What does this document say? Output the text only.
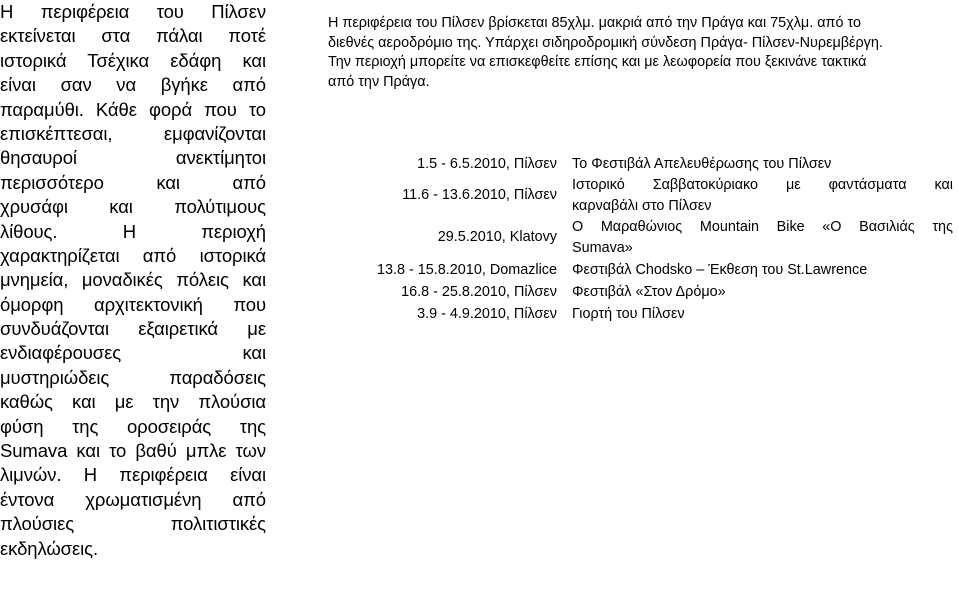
Η περιφέρεια του Πίλσεν
εκτείνεται στα πάλαι ποτέ
ιστορικά Τσέχικα εδάφη και
είναι σαν να βγήκε από
παραμύθι. Κάθε φορά που το
επισκέπτεσαι, εμφανίζονται
θησαυροί ανεκτίμητοι
περισσότερο και από
χρυσάφι και πολύτιμους
λίθους. Η περιοχή
χαρακτηρίζεται από ιστορικά
μνημεία, μοναδικές πόλεις και
όμορφη αρχιτεκτονική που
συνδυάζονται εξαιρετικά με
ενδιαφέρουσες και
μυστηριώδεις παραδόσεις
καθώς και με την πλούσια
φύση της οροσειράς της
Sumava και το βαθύ μπλε των
λιμνών. Η περιφέρεια είναι
έντονα χρωματισμένη από
πλούσιες πολιτιστικές
εκδηλώσεις.
Η περιφέρεια του Πίλσεν βρίσκεται 85χλμ. μακριά από την Πράγα και 75χλμ. από το
διεθνές αεροδρόμιο της. Υπάρχει σιδηροδρομική σύνδεση Πράγα- Πίλσεν-Νυρεμβέργη.
Την περιοχή μπορείτε να επισκεφθείτε επίσης και με λεωφορεία που ξεκινάνε τακτικά
από την Πράγα.
1.5 - 6.5.2010, Πίλσεν Το Φεστιβάλ Απελευθέρωσης του Πίλσεν
11.6 - 13.6.2010, Πίλσεν
Ιστορικό Σαββατοκύριακο με φαντάσματα και
καρναβάλι στο Πίλσεν
29.5.2010, Klatovy
Ο Μαραθώνιος Mountain Bike «Ο Βασιλιάς της
Sumava»
13.8 - 15.8.2010, Domazlice Φεστιβάλ Chodsko – Έκθεση του St.Lawrence
16.8 - 25.8.2010, Πίλσεν Φεστιβάλ «Στον Δρόμο»
3.9 - 4.9.2010, Πίλσεν Γιορτή του Πίλσεν
